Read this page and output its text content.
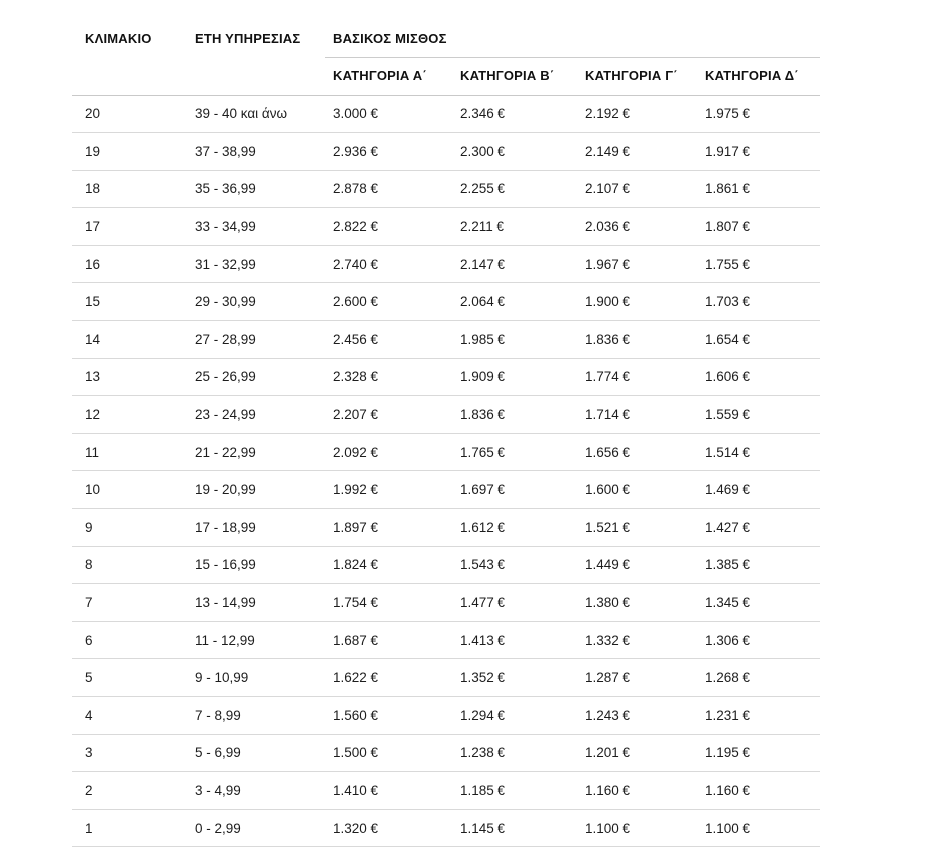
ΚΛΙΜΑΚΙΟ	ΕΤΗ ΥΠΗΡΕΣΙΑΣ	ΒΑΣΙΚΟΣ ΜΙΣΘΟΣ			
		ΚΑΤΗΓΟΡΙΑ Α΄	ΚΑΤΗΓΟΡΙΑ Β΄	ΚΑΤΗΓΟΡΙΑ Γ΄	ΚΑΤΗΓΟΡΙΑ Δ΄
20	39 - 40 και άνω	3.000 €	2.346 €	2.192 €	1.975 €
19	37 - 38,99	2.936 €	2.300 €	2.149 €	1.917 €
18	35 - 36,99	2.878 €	2.255 €	2.107 €	1.861 €
17	33 - 34,99	2.822 €	2.211 €	2.036 €	1.807 €
16	31 - 32,99	2.740 €	2.147 €	1.967 €	1.755 €
15	29 - 30,99	2.600 €	2.064 €	1.900 €	1.703 €
14	27 - 28,99	2.456 €	1.985 €	1.836 €	1.654 €
13	25 - 26,99	2.328 €	1.909 €	1.774 €	1.606 €
12	23 - 24,99	2.207 €	1.836 €	1.714 €	1.559 €
11	21 - 22,99	2.092 €	1.765 €	1.656 €	1.514 €
10	19 - 20,99	1.992 €	1.697 €	1.600 €	1.469 €
9	17 - 18,99	1.897 €	1.612 €	1.521 €	1.427 €
8	15 - 16,99	1.824 €	1.543 €	1.449 €	1.385 €
7	13 - 14,99	1.754 €	1.477 €	1.380 €	1.345 €
6	11 - 12,99	1.687 €	1.413 €	1.332 €	1.306 €
5	9 - 10,99	1.622 €	1.352 €	1.287 €	1.268 €
4	7 - 8,99	1.560 €	1.294 €	1.243 €	1.231 €
3	5 - 6,99	1.500 €	1.238 €	1.201 €	1.195 €
2	3 - 4,99	1.410 €	1.185 €	1.160 €	1.160 €
1	0 - 2,99	1.320 €	1.145 €	1.100 €	1.100 €
